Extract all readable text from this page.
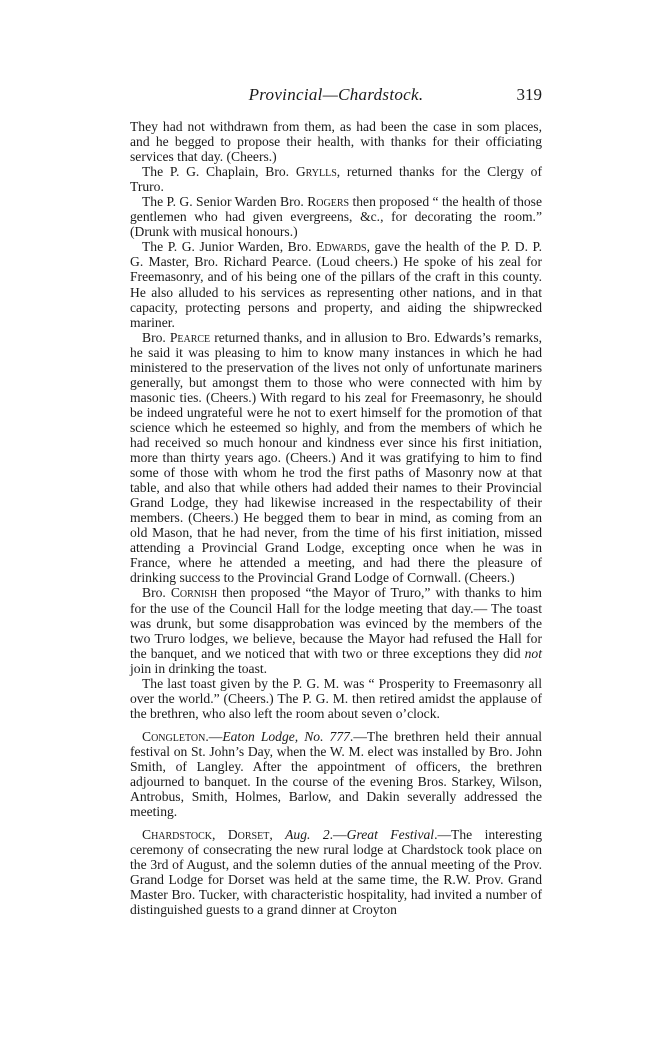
Provincial—Chardstock.	319

They had not withdrawn from them, as had been the case in som places, and he begged to propose their health, with thanks for their officiating services that day. (Cheers.)

The P. G. Chaplain, Bro. Grylls, returned thanks for the Clergy of Truro.

The P. G. Senior Warden Bro. Rogers then proposed “ the health of those gentlemen who had given evergreens, &c., for decorating the room.” (Drunk with musical honours.)

The P. G. Junior Warden, Bro. Edwards, gave the health of the P. D. P. G. Master, Bro. Richard Pearce. (Loud cheers.) He spoke of his zeal for Freemasonry, and of his being one of the pillars of the craft in this county. He also alluded to his services as representing other nations, and in that capacity, protecting persons and property, and aiding the shipwrecked mariner.

Bro. Pearce returned thanks, and in allusion to Bro. Edwards’s remarks, he said it was pleasing to him to know many instances in which he had ministered to the preservation of the lives not only of unfortunate mariners generally, but amongst them to those who were connected with him by masonic ties. (Cheers.) With regard to his zeal for Freemasonry, he should be indeed ungrateful were he not to exert himself for the promotion of that science which he esteemed so highly, and from the members of which he had received so much honour and kindness ever since his first initiation, more than thirty years ago. (Cheers.) And it was gratifying to him to find some of those with whom he trod the first paths of Masonry now at that table, and also that while others had added their names to their Provincial Grand Lodge, they had likewise increased in the respectability of their members. (Cheers.) He begged them to bear in mind, as coming from an old Mason, that he had never, from the time of his first initiation, missed attending a Provincial Grand Lodge, excepting once when he was in France, where he attended a meeting, and had there the pleasure of drinking success to the Provincial Grand Lodge of Cornwall. (Cheers.)

Bro. Cornish then proposed “the Mayor of Truro,” with thanks to him for the use of the Council Hall for the lodge meeting that day.— The toast was drunk, but some disapprobation was evinced by the members of the two Truro lodges, we believe, because the Mayor had refused the Hall for the banquet, and we noticed that with two or three exceptions they did not join in drinking the toast.

The last toast given by the P. G. M. was “ Prosperity to Freemasonry all over the world.” (Cheers.) The P. G. M. then retired amidst the applause of the brethren, who also left the room about seven o’clock.

Congleton.—Eaton Lodge, No. 777.—The brethren held their annual festival on St. John’s Day, when the W. M. elect was installed by Bro. John Smith, of Langley. After the appointment of officers, the brethren adjourned to banquet. In the course of the evening Bros. Starkey, Wilson, Antrobus, Smith, Holmes, Barlow, and Dakin severally addressed the meeting.

Chardstock, Dorset, Aug. 2.—Great Festival.—The interesting ceremony of consecrating the new rural lodge at Chardstock took place on the 3rd of August, and the solemn duties of the annual meeting of the Prov. Grand Lodge for Dorset was held at the same time, the R.W. Prov. Grand Master Bro. Tucker, with characteristic hospitality, had invited a number of distinguished guests to a grand dinner at Croyton
